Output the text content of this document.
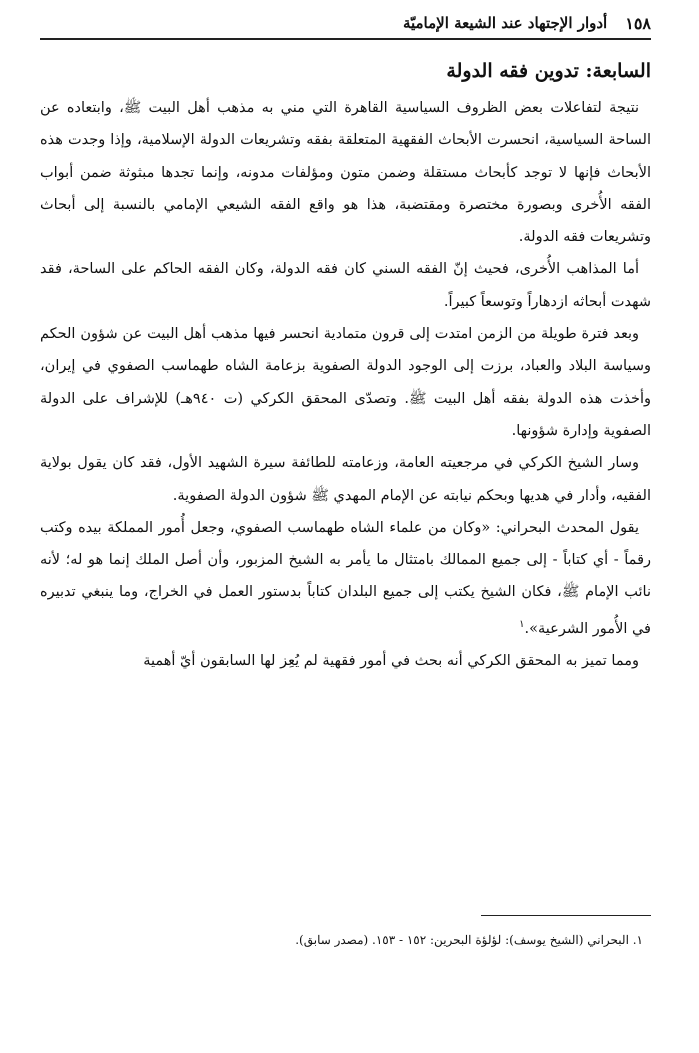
١٥٨
أدوار الإجتهاد عند الشيعة الإماميّة
السابعة: تدوين فقه الدولة

نتيجة لتفاعلات بعض الظروف السياسية القاهرة التي مني به مذهب أهل البيت ﷺ، وابتعاده عن الساحة السياسية، انحسرت الأبحاث الفقهية المتعلقة بفقه وتشريعات الدولة الإسلامية، وإذا وجدت هذه الأبحاث فإنها لا توجد كأبحاث مستقلة وضمن متون ومؤلفات مدونه، وإنما تجدها مبثوثة ضمن أبواب الفقه الأُخرى وبصورة مختصرة ومقتضبة، هذا هو واقع الفقه الشيعي الإمامي بالنسبة إلى أبحاث وتشريعات فقه الدولة.

أما المذاهب الأُخرى، فحيث إنّ الفقه السني كان فقه الدولة، وكان الفقه الحاكم على الساحة، فقد شهدت أبحاثه ازدهاراً وتوسعاً كبيراً.

وبعد فترة طويلة من الزمن امتدت إلى قرون متمادية انحسر فيها مذهب أهل البيت عن شؤون الحكم وسياسة البلاد والعباد، برزت إلى الوجود الدولة الصفوية بزعامة الشاه طهماسب الصفوي في إيران، وأخذت هذه الدولة بفقه أهل البيت ﷺ. وتصدّى المحقق الكركي (ت ٩٤٠هـ) للإشراف على الدولة الصفوية وإدارة شؤونها.

وسار الشيخ الكركي في مرجعيته العامة، وزعامته للطائفة سيرة الشهيد الأول، فقد كان يقول بولاية الفقيه، وأدار في هديها وبحكم نيابته عن الإمام المهدي ﷺ شؤون الدولة الصفوية.

يقول المحدث البحراني: «وكان من علماء الشاه طهماسب الصفوي، وجعل أُمور المملكة بيده وكتب رقماً - أي كتاباً - إلى جميع الممالك بامتثال ما يأمر به الشيخ المزبور، وأن أصل الملك إنما هو له؛ لأنه نائب الإمام ﷺ، فكان الشيخ يكتب إلى جميع البلدان كتاباً بدستور العمل في الخراج، وما ينبغي تدبيره في الأُمور الشرعية».$^١$

ومما تميز به المحقق الكركي أنه بحث في أمور فقهية لم يُعِز لها السابقون أيّ أهمية

١. البحراني (الشيخ يوسف): لؤلؤة البحرين: ١٥٢ - ١٥٣. (مصدر سابق).
